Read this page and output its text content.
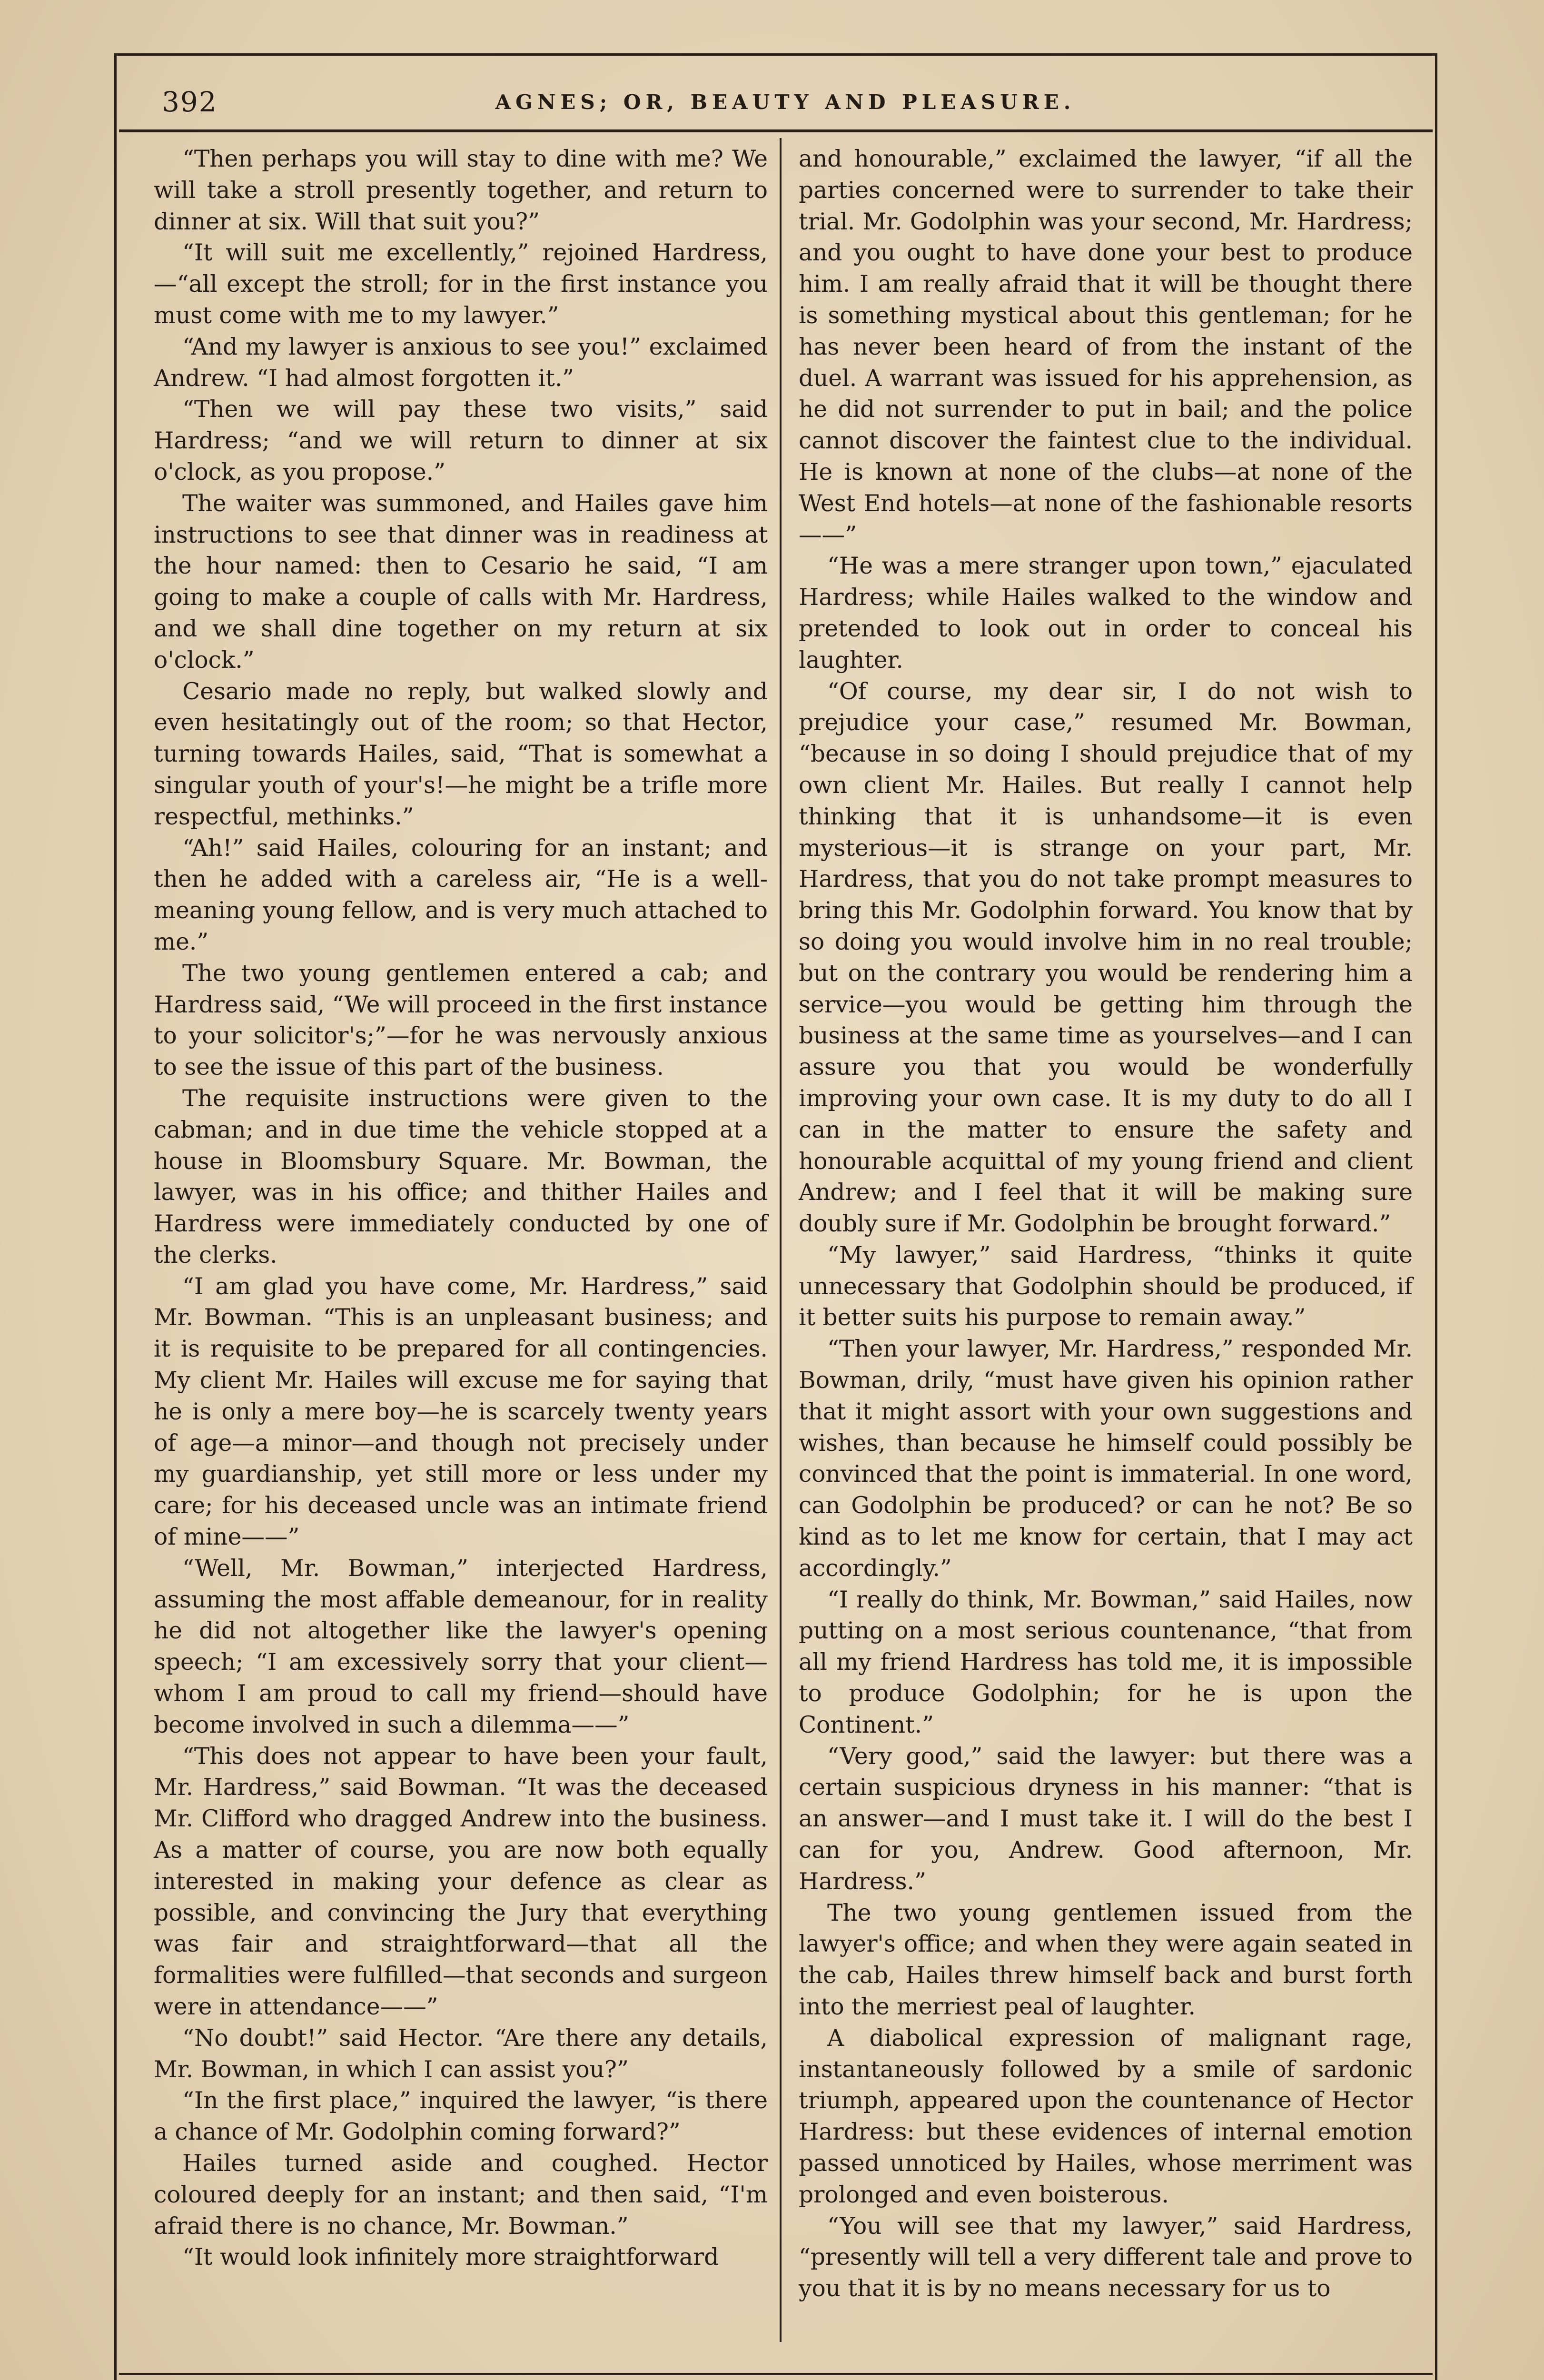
392	AGNES; OR, BEAUTY AND PLEASURE.

“Then perhaps you will stay to dine with me? We will take a stroll presently together, and return to dinner at six. Will that suit you?”

“It will suit me excellently,” rejoined Hardress,—“all except the stroll; for in the first instance you must come with me to my lawyer.”

“And my lawyer is anxious to see you!” exclaimed Andrew. “I had almost forgotten it.”

“Then we will pay these two visits,” said Hardress; “and we will return to dinner at six o'clock, as you propose.”

The waiter was summoned, and Hailes gave him instructions to see that dinner was in readiness at the hour named: then to Cesario he said, “I am going to make a couple of calls with Mr. Hardress, and we shall dine together on my return at six o'clock.”

Cesario made no reply, but walked slowly and even hesitatingly out of the room; so that Hector, turning towards Hailes, said, “That is somewhat a singular youth of your's!—he might be a trifle more respectful, methinks.”

“Ah!” said Hailes, colouring for an instant; and then he added with a careless air, “He is a well-meaning young fellow, and is very much attached to me.”

The two young gentlemen entered a cab; and Hardress said, “We will proceed in the first instance to your solicitor's;”—for he was nervously anxious to see the issue of this part of the business.

The requisite instructions were given to the cabman; and in due time the vehicle stopped at a house in Bloomsbury Square. Mr. Bowman, the lawyer, was in his office; and thither Hailes and Hardress were immediately conducted by one of the clerks.

“I am glad you have come, Mr. Hardress,” said Mr. Bowman. “This is an unpleasant business; and it is requisite to be prepared for all contingencies. My client Mr. Hailes will excuse me for saying that he is only a mere boy—he is scarcely twenty years of age—a minor—and though not precisely under my guardianship, yet still more or less under my care; for his deceased uncle was an intimate friend of mine——”

“Well, Mr. Bowman,” interjected Hardress, assuming the most affable demeanour, for in reality he did not altogether like the lawyer's opening speech; “I am excessively sorry that your client—whom I am proud to call my friend—should have become involved in such a dilemma——”

“This does not appear to have been your fault, Mr. Hardress,” said Bowman. “It was the deceased Mr. Clifford who dragged Andrew into the business. As a matter of course, you are now both equally interested in making your defence as clear as possible, and convincing the Jury that everything was fair and straightforward—that all the formalities were fulfilled—that seconds and surgeon were in attendance——”

“No doubt!” said Hector. “Are there any details, Mr. Bowman, in which I can assist you?”

“In the first place,” inquired the lawyer, “is there a chance of Mr. Godolphin coming forward?”

Hailes turned aside and coughed. Hector coloured deeply for an instant; and then said, “I'm afraid there is no chance, Mr. Bowman.”

“It would look infinitely more straightforward

and honourable,” exclaimed the lawyer, “if all the parties concerned were to surrender to take their trial. Mr. Godolphin was your second, Mr. Hardress; and you ought to have done your best to produce him. I am really afraid that it will be thought there is something mystical about this gentleman; for he has never been heard of from the instant of the duel. A warrant was issued for his apprehension, as he did not surrender to put in bail; and the police cannot discover the faintest clue to the individual. He is known at none of the clubs—at none of the West End hotels—at none of the fashionable resorts——”

“He was a mere stranger upon town,” ejaculated Hardress; while Hailes walked to the window and pretended to look out in order to conceal his laughter.

“Of course, my dear sir, I do not wish to prejudice your case,” resumed Mr. Bowman, “because in so doing I should prejudice that of my own client Mr. Hailes. But really I cannot help thinking that it is unhandsome—it is even mysterious—it is strange on your part, Mr. Hardress, that you do not take prompt measures to bring this Mr. Godolphin forward. You know that by so doing you would involve him in no real trouble; but on the contrary you would be rendering him a service—you would be getting him through the business at the same time as yourselves—and I can assure you that you would be wonderfully improving your own case. It is my duty to do all I can in the matter to ensure the safety and honourable acquittal of my young friend and client Andrew; and I feel that it will be making sure doubly sure if Mr. Godolphin be brought forward.”

“My lawyer,” said Hardress, “thinks it quite unnecessary that Godolphin should be produced, if it better suits his purpose to remain away.”

“Then your lawyer, Mr. Hardress,” responded Mr. Bowman, drily, “must have given his opinion rather that it might assort with your own suggestions and wishes, than because he himself could possibly be convinced that the point is immaterial. In one word, can Godolphin be produced? or can he not? Be so kind as to let me know for certain, that I may act accordingly.”

“I really do think, Mr. Bowman,” said Hailes, now putting on a most serious countenance, “that from all my friend Hardress has told me, it is impossible to produce Godolphin; for he is upon the Continent.”

“Very good,” said the lawyer: but there was a certain suspicious dryness in his manner: “that is an answer—and I must take it. I will do the best I can for you, Andrew. Good afternoon, Mr. Hardress.”

The two young gentlemen issued from the lawyer's office; and when they were again seated in the cab, Hailes threw himself back and burst forth into the merriest peal of laughter.

A diabolical expression of malignant rage, instantaneously followed by a smile of sardonic triumph, appeared upon the countenance of Hector Hardress: but these evidences of internal emotion passed unnoticed by Hailes, whose merriment was prolonged and even boisterous.

“You will see that my lawyer,” said Hardress, “presently will tell a very different tale and prove to you that it is by no means necessary for us to
